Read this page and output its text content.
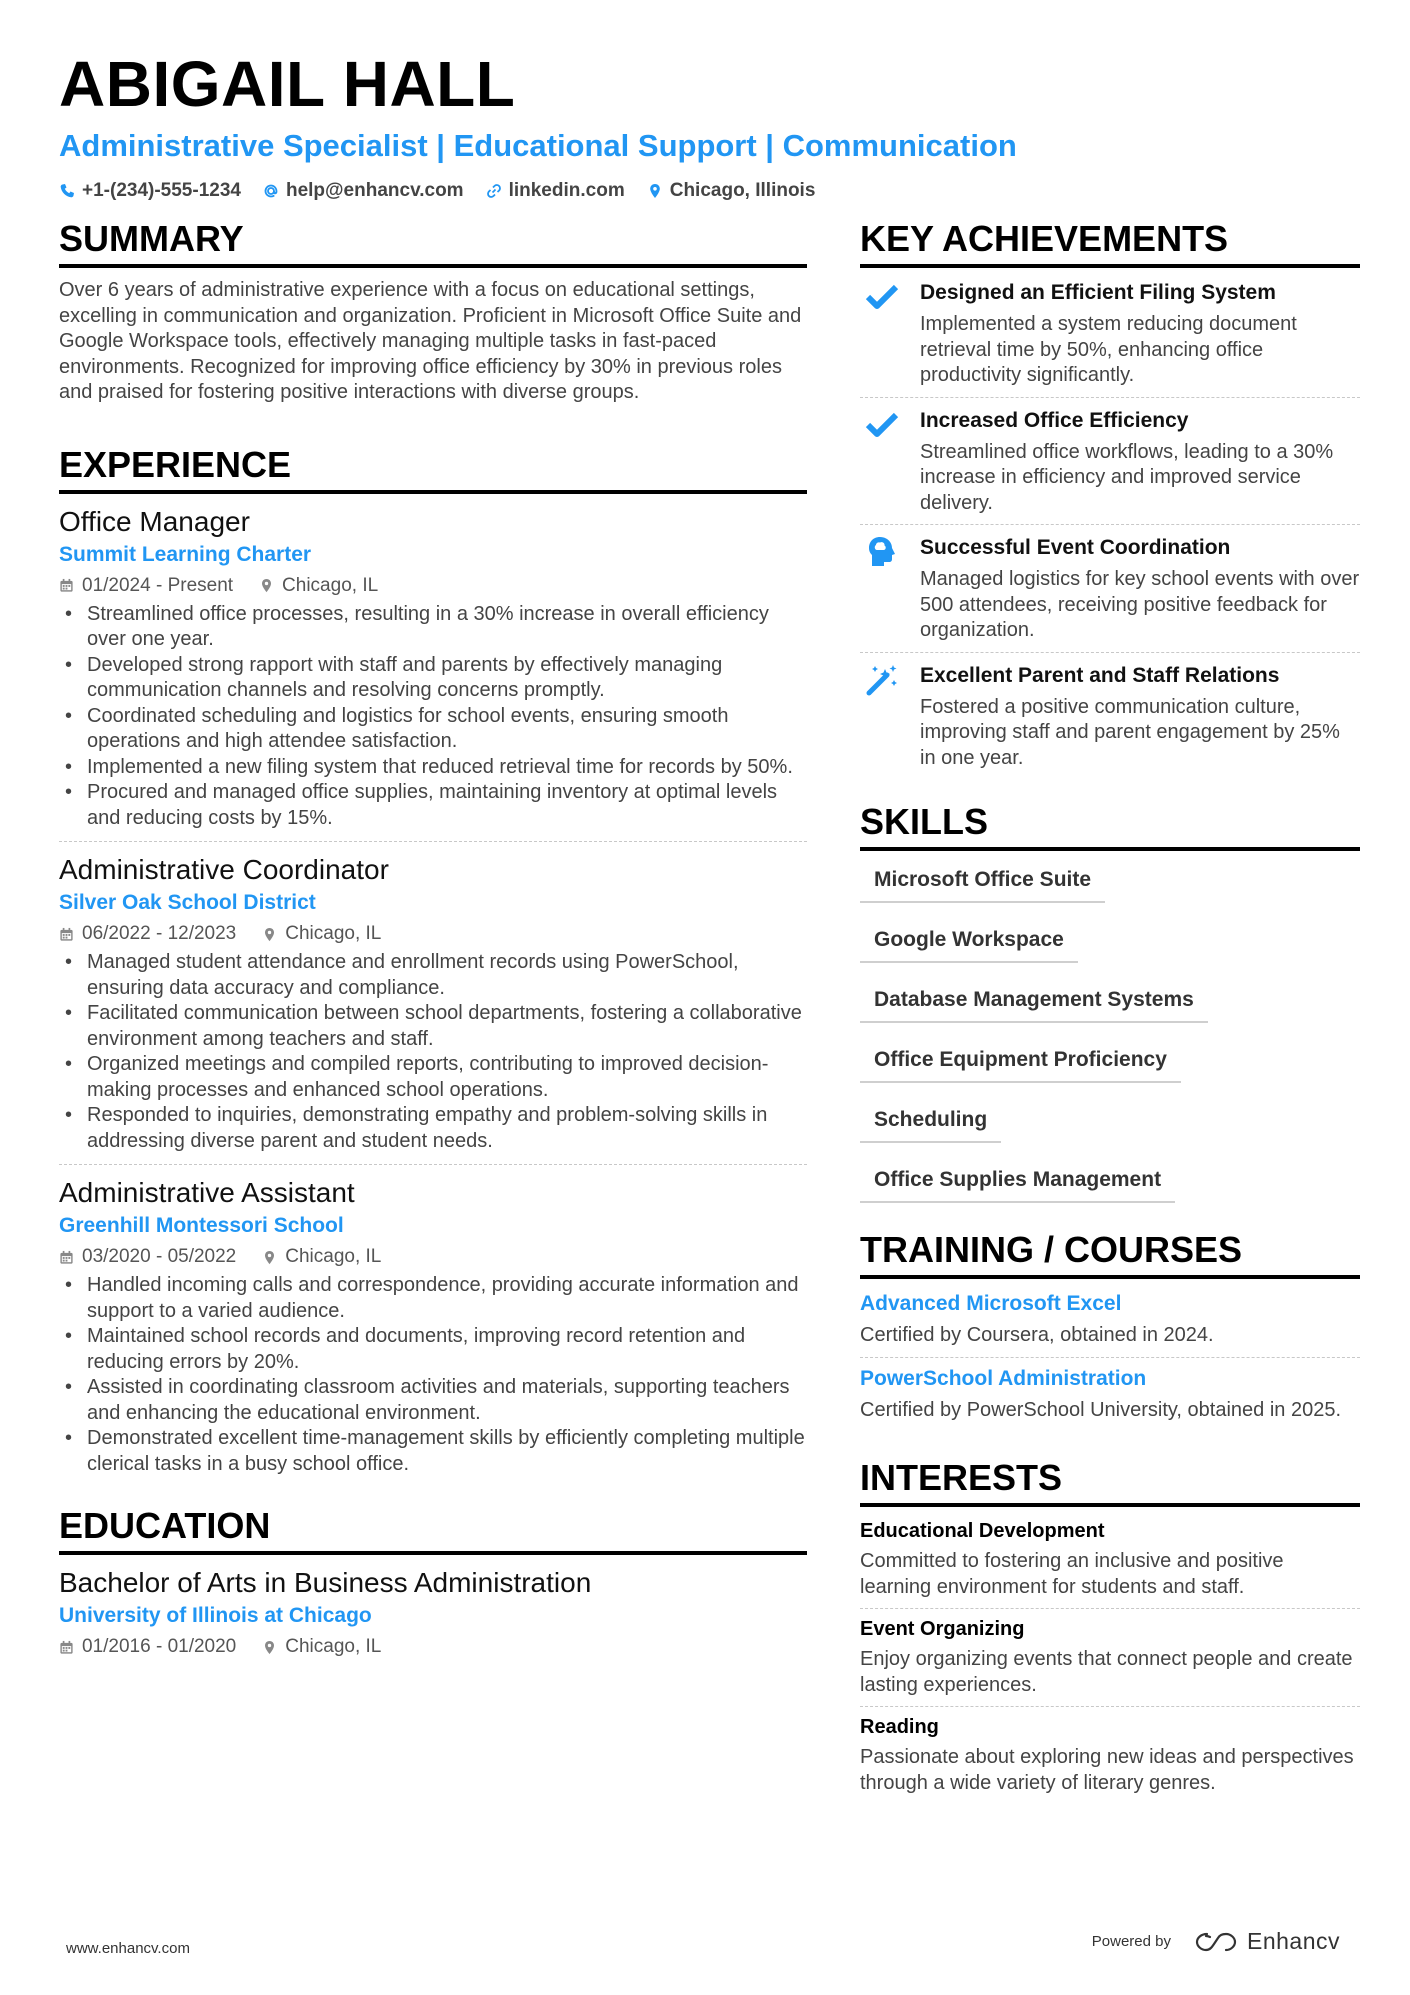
ABIGAIL HALL
Administrative Specialist | Educational Support | Communication
+1-(234)-555-1234 help@enhancv.com linkedin.com Chicago, Illinois
SUMMARY

Over 6 years of administrative experience with a focus on educational settings, excelling in communication and organization. Proficient in Microsoft Office Suite and Google Workspace tools, effectively managing multiple tasks in fast-paced environments. Recognized for improving office efficiency by 30% in previous roles and praised for fostering positive interactions with diverse groups.

EXPERIENCE
Office Manager
Summit Learning Charter
01/2024 - Present	Chicago, IL
• Streamlined office processes, resulting in a 30% increase in overall efficiency over one year.
• Developed strong rapport with staff and parents by effectively managing communication channels and resolving concerns promptly.
• Coordinated scheduling and logistics for school events, ensuring smooth operations and high attendee satisfaction.
• Implemented a new filing system that reduced retrieval time for records by 50%.
• Procured and managed office supplies, maintaining inventory at optimal levels and reducing costs by 15%.
Administrative Coordinator
Silver Oak School District
06/2022 - 12/2023	Chicago, IL
• Managed student attendance and enrollment records using PowerSchool, ensuring data accuracy and compliance.
• Facilitated communication between school departments, fostering a collaborative environment among teachers and staff.
• Organized meetings and compiled reports, contributing to improved decision-making processes and enhanced school operations.
• Responded to inquiries, demonstrating empathy and problem-solving skills in addressing diverse parent and student needs.
Administrative Assistant
Greenhill Montessori School
03/2020 - 05/2022	Chicago, IL
• Handled incoming calls and correspondence, providing accurate information and support to a varied audience.
• Maintained school records and documents, improving record retention and reducing errors by 20%.
• Assisted in coordinating classroom activities and materials, supporting teachers and enhancing the educational environment.
• Demonstrated excellent time-management skills by efficiently completing multiple clerical tasks in a busy school office.
EDUCATION
Bachelor of Arts in Business Administration
University of Illinois at Chicago
01/2016 - 01/2020	Chicago, IL
KEY ACHIEVEMENTS
Designed an Efficient Filing System
Implemented a system reducing document retrieval time by 50%, enhancing office productivity significantly.
Increased Office Efficiency
Streamlined office workflows, leading to a 30% increase in efficiency and improved service delivery.
Successful Event Coordination
Managed logistics for key school events with over 500 attendees, receiving positive feedback for organization.
Excellent Parent and Staff Relations
Fostered a positive communication culture, improving staff and parent engagement by 25% in one year.
SKILLS
Microsoft Office Suite
Google Workspace
Database Management Systems
Office Equipment Proficiency
Scheduling
Office Supplies Management
TRAINING / COURSES
Advanced Microsoft Excel
Certified by Coursera, obtained in 2024.
PowerSchool Administration
Certified by PowerSchool University, obtained in 2025.
INTERESTS
Educational Development
Committed to fostering an inclusive and positive learning environment for students and staff.
Event Organizing
Enjoy organizing events that connect people and create lasting experiences.
Reading
Passionate about exploring new ideas and perspectives through a wide variety of literary genres.
www.enhancv.com	Powered by	Enhancv
